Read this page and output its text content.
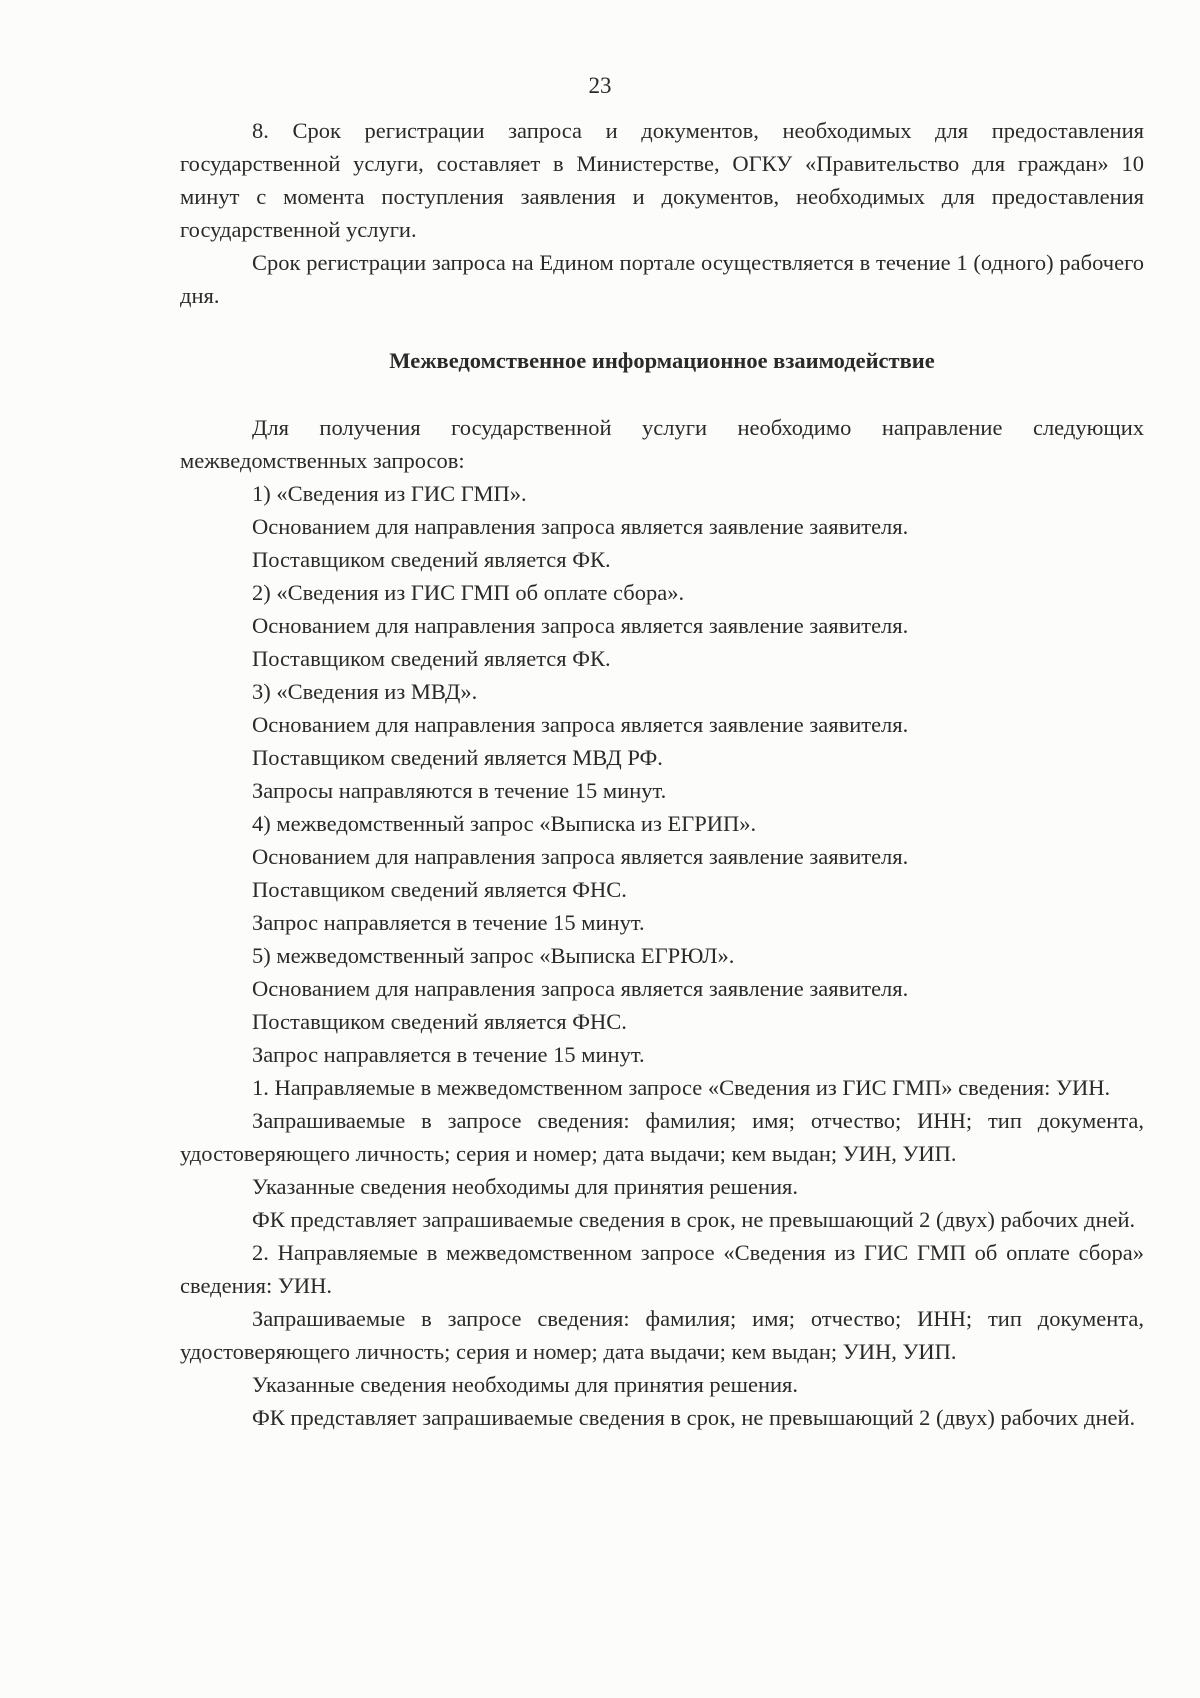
23

8. Срок регистрации запроса и документов, необходимых для предоставления государственной услуги, составляет в Министерстве, ОГКУ «Правительство для граждан» 10 минут с момента поступления заявления и документов, необходимых для предоставления государственной услуги.

Срок регистрации запроса на Едином портале осуществляется в течение 1 (одного) рабочего дня.

Межведомственное информационное взаимодействие

Для получения государственной услуги необходимо направление следующих межведомственных запросов:

1) «Сведения из ГИС ГМП».

Основанием для направления запроса является заявление заявителя.

Поставщиком сведений является ФК.

2) «Сведения из ГИС ГМП об оплате сбора».

Основанием для направления запроса является заявление заявителя.

Поставщиком сведений является ФК.

3) «Сведения из МВД».

Основанием для направления запроса является заявление заявителя.

Поставщиком сведений является МВД РФ.

Запросы направляются в течение 15 минут.

4) межведомственный запрос «Выписка из ЕГРИП».

Основанием для направления запроса является заявление заявителя.

Поставщиком сведений является ФНС.

Запрос направляется в течение 15 минут.

5) межведомственный запрос «Выписка ЕГРЮЛ».

Основанием для направления запроса является заявление заявителя.

Поставщиком сведений является ФНС.

Запрос направляется в течение 15 минут.

1. Направляемые в межведомственном запросе «Сведения из ГИС ГМП» сведения: УИН.

Запрашиваемые в запросе сведения: фамилия; имя; отчество; ИНН; тип документа, удостоверяющего личность; серия и номер; дата выдачи; кем выдан; УИН, УИП.

Указанные сведения необходимы для принятия решения.

ФК представляет запрашиваемые сведения в срок, не превышающий 2 (двух) рабочих дней.

2. Направляемые в межведомственном запросе «Сведения из ГИС ГМП об оплате сбора» сведения: УИН.

Запрашиваемые в запросе сведения: фамилия; имя; отчество; ИНН; тип документа, удостоверяющего личность; серия и номер; дата выдачи; кем выдан; УИН, УИП.

Указанные сведения необходимы для принятия решения.

ФК представляет запрашиваемые сведения в срок, не превышающий 2 (двух) рабочих дней.
